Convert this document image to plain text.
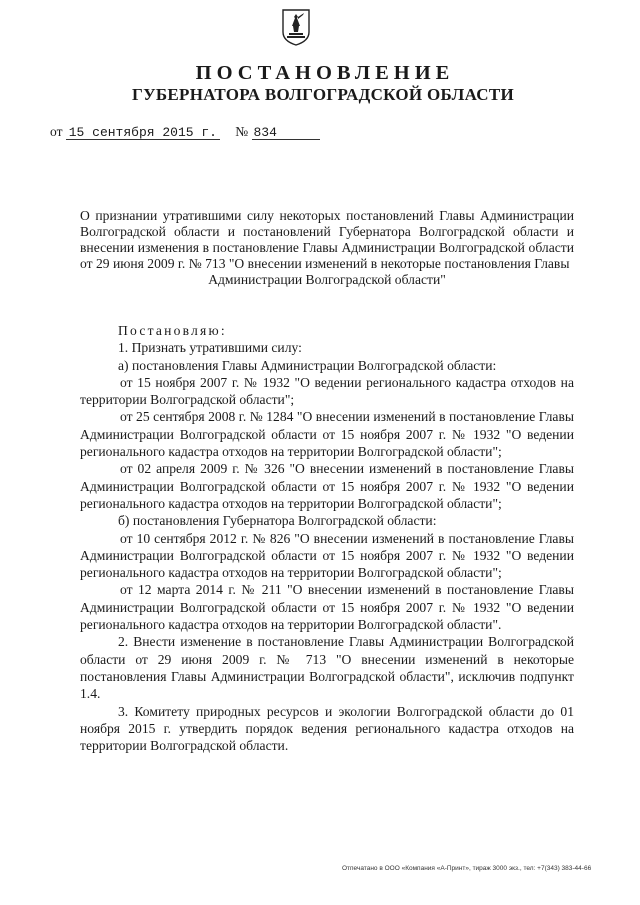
ПОСТАНОВЛЕНИЕ
ГУБЕРНАТОРА ВОЛГОГРАДСКОЙ ОБЛАСТИ
от 15 сентября 2015 г. № 834
О признании утратившими силу некоторых постановлений Главы Администрации Волгоградской области и постановлений Губернатора Волгоградской области и внесении изменения в постановление Главы Администрации Волгоградской области от 29 июня 2009 г. № 713 "О внесении изменений в некоторые постановления Главы
Администрации Волгоградской области"

Постановляю:

1. Признать утратившими силу:

а) постановления Главы Администрации Волгоградской области:

от 15 ноября 2007 г. № 1932 "О ведении регионального кадастра отходов на территории Волгоградской области";

от 25 сентября 2008 г. № 1284 "О внесении изменений в постановление Главы Администрации Волгоградской области от 15 ноября 2007 г. № 1932 "О ведении регионального кадастра отходов на территории Волгоградской области";

от 02 апреля 2009 г. № 326 "О внесении изменений в постановление Главы Администрации Волгоградской области от 15 ноября 2007 г. № 1932 "О ведении регионального кадастра отходов на территории Волгоградской области";

б) постановления Губернатора Волгоградской области:

от 10 сентября 2012 г. № 826 "О внесении изменений в постановление Главы Администрации Волгоградской области от 15 ноября 2007 г. № 1932 "О ведении регионального кадастра отходов на территории Волгоградской области";

от 12 марта 2014 г. № 211 "О внесении изменений в постановление Главы Администрации Волгоградской области от 15 ноября 2007 г. № 1932 "О ведении регионального кадастра отходов на территории Волгоградской области".

2. Внести изменение в постановление Главы Администрации Волгоградской области от 29 июня 2009 г. № 713 "О внесении изменений в некоторые постановления Главы Администрации Волгоградской области", исключив подпункт 1.4.

3. Комитету природных ресурсов и экологии Волгоградской области до 01 ноября 2015 г. утвердить порядок ведения регионального кадастра отходов на территории Волгоградской области.

Отпечатано в ООО «Компания «А-Принт», тираж 3000 экз., тел: +7(343) 383-44-66
